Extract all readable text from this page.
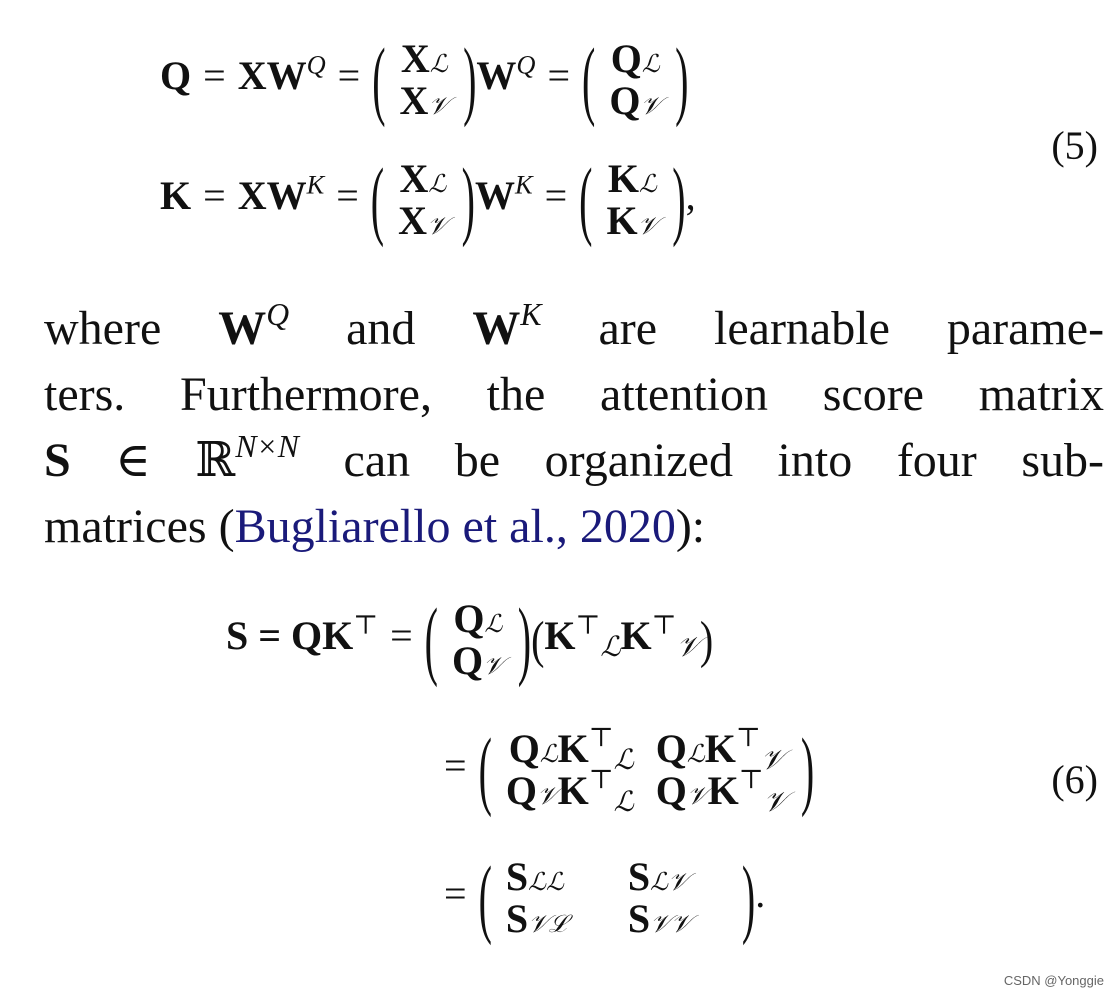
$Q = XW^Q$ = ( Xℒ
X𝒱 )$W^Q$ = ( Qℒ
Q𝒱 )
$K = XW^K$ = ( Xℒ
X𝒱 )$W^K$ = ( Kℒ
K𝒱 ),
(5)
where $W^Q$ and $W^K$ are learnable parame-
ters. Furthermore, the attention score matrix
S ∈ ℝ$^{N\times N}$ can be organized into four sub-
matrices (Bugliarello et al., 2020):
S = QK⊤ = ( Qℒ
Q𝒱 )$(K^⊤_ℒK^⊤_𝒱)$
= ( QℒK⊤$_ℒ$ QℒK⊤$_𝒱$
Q𝒱K⊤$_ℒ$ Q𝒱K⊤$_𝒱$ )	(6)
= ( Sℒℒ Sℒ𝒱
S𝒱ℒ S𝒱𝒱	).
CSDN @Yonggie
